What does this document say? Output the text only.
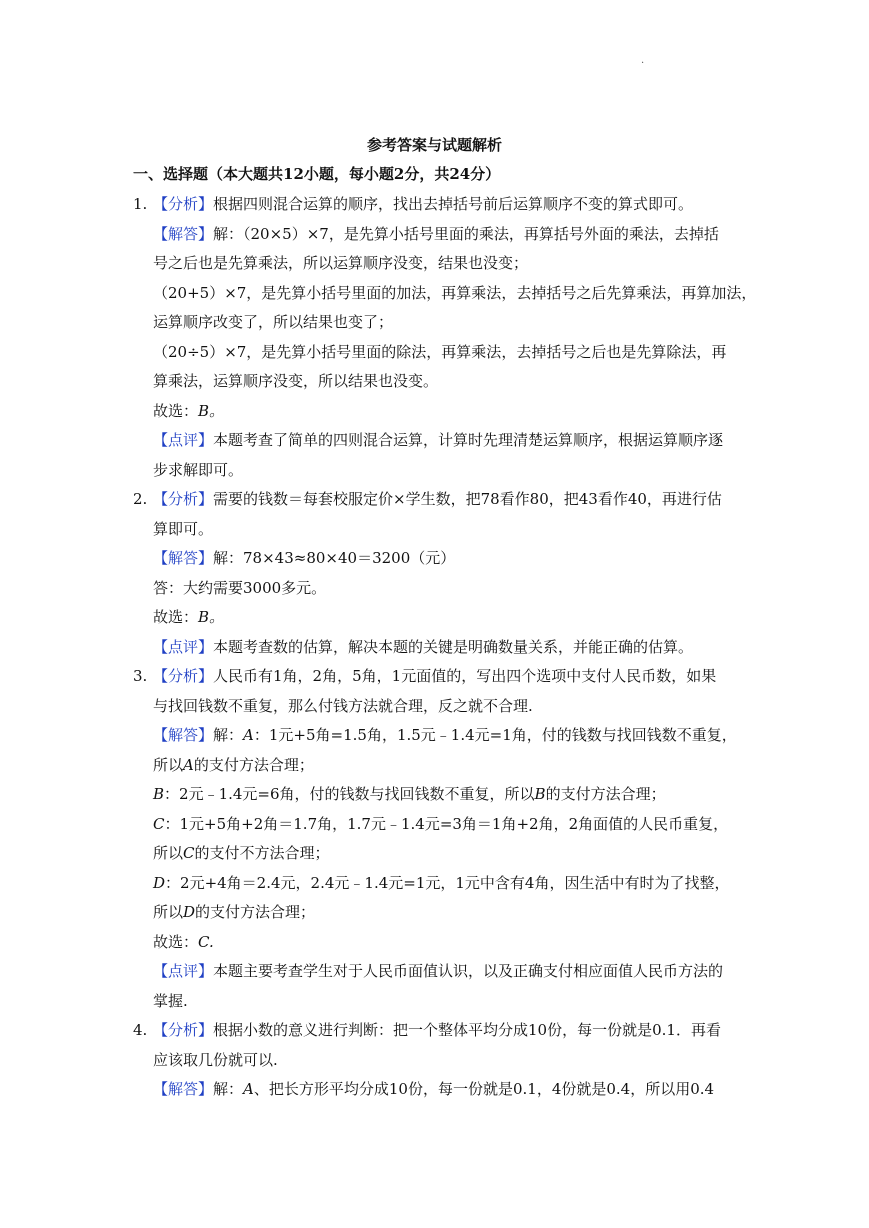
.
参考答案与试题解析
一、选择题（本大题共12小题，每小题2分，共24分）
1. 【分析】根据四则混合运算的顺序，找出去掉括号前后运算顺序不变的算式即可。
【解答】解：（20×5）×7，是先算小括号里面的乘法，再算括号外面的乘法，去掉括
号之后也是先算乘法，所以运算顺序没变，结果也没变；
（20+5）×7，是先算小括号里面的加法，再算乘法，去掉括号之后先算乘法，再算加法，
运算顺序改变了，所以结果也变了；
（20÷5）×7，是先算小括号里面的除法，再算乘法，去掉括号之后也是先算除法，再
算乘法，运算顺序没变，所以结果也没变。
故选：B。
【点评】本题考查了简单的四则混合运算，计算时先理清楚运算顺序，根据运算顺序逐
步求解即可。
2. 【分析】需要的钱数＝每套校服定价×学生数，把78看作80，把43看作40，再进行估
算即可。
【解答】解：78×43≈80×40＝3200（元）
答：大约需要3000多元。
故选：B。
【点评】本题考查数的估算，解决本题的关键是明确数量关系，并能正确的估算。
3. 【分析】人民币有1角，2角，5角，1元面值的，写出四个选项中支付人民币数，如果
与找回钱数不重复，那么付钱方法就合理，反之就不合理.
【解答】解：A：1元+5角=1.5角，1.5元﹣1.4元=1角，付的钱数与找回钱数不重复，
所以A的支付方法合理；
B：2元﹣1.4元=6角，付的钱数与找回钱数不重复，所以B的支付方法合理；
C：1元+5角+2角＝1.7角，1.7元﹣1.4元=3角＝1角+2角，2角面值的人民币重复，
所以C的支付不方法合理；
D：2元+4角＝2.4元，2.4元﹣1.4元=1元，1元中含有4角，因生活中有时为了找整，
所以D的支付方法合理；
故选：C.
【点评】本题主要考查学生对于人民币面值认识，以及正确支付相应面值人民币方法的
掌握.
4. 【分析】根据小数的意义进行判断：把一个整体平均分成10份，每一份就是0.1．再看
应该取几份就可以.
【解答】解：A、把长方形平均分成10份，每一份就是0.1，4份就是0.4，所以用0.4
